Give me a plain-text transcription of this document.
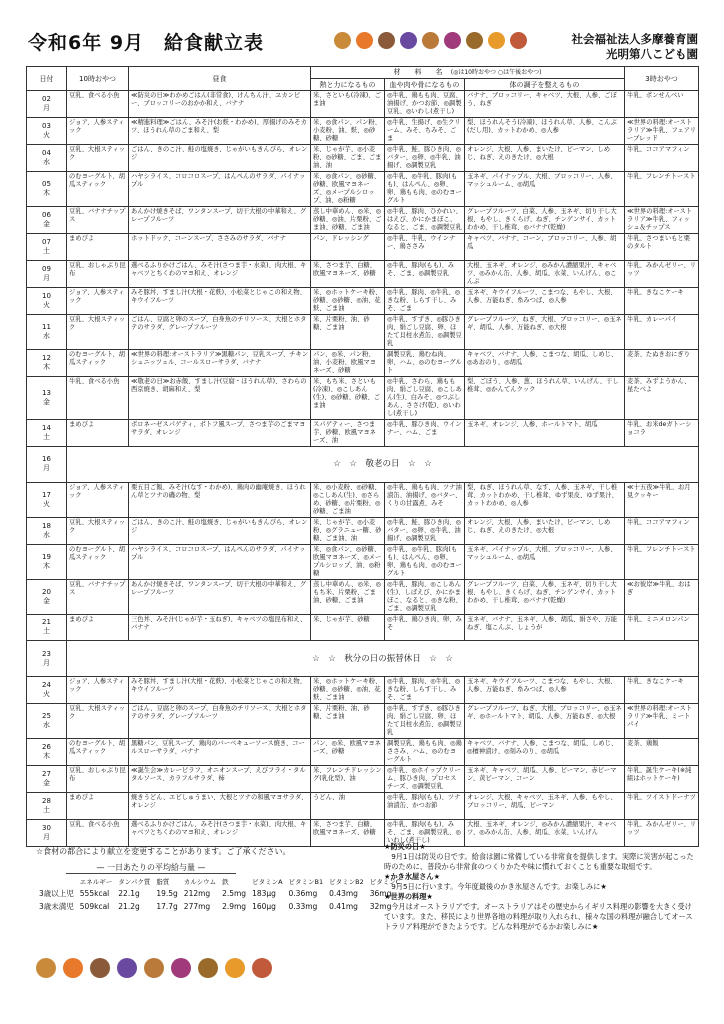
令和6年 9月　給食献立表	社会福祉法人多摩養育園
光明第八こども園
日付	10時おやつ	昼食	材　　料　　名 (◎は10時おやつ ○は午後おやつ)			3時おやつ
			熱と力になるもの	血や肉や骨になるもの	体の調子を整えるもの	

02
月	豆乳、食べる小魚	≪防災の日≫わかめごはん(非常食)、けんちん汁、ユカンピー、ブロッコリーのおかか和え、バナナ	米、さといも(冷凍)、ごま油	◎牛乳、鶏もも肉、豆腐、油揚げ、かつお節、◎調製豆乳、◎いわし(煮干し)	バナナ、ブロッコリー、キャベツ、大根、人参、ごぼう、ねぎ	牛乳、ポンせんべい

03
火	ジョア、人参スティック	≪精進料理≫ごはん、みそ汁(お麩・わかめ)、厚揚げのみそカツ、ほうれん草のごま和え、梨	米、◎食パン、パン粉、小麦粉、油、麩、◎砂糖、砂糖	◎牛乳、生揚げ、◎生クリーム、みそ、ちみそ、ごま	梨、ほうれんそう(冷凍)、ほうれん草、人参、こんぶ(だし用)、カットわかめ、◎人参	≪世界の料理:オーストラリア≫牛乳、フェアリーブレッド

04
水	豆乳、大根スティック	ごはん、きのこ汁、鮭の塩焼き、じゃがいもきんぴら、オレンジ	米、じゃが芋、◎小麦粉、◎砂糖、ごま、ごま油、油	◎牛乳、鮭、豚ひき肉、◎バター、◎卵、◎牛乳、油揚げ、◎調製豆乳	オレンジ、大根、人参、まいたけ、ピーマン、しめじ、ねぎ、えのきたけ、◎大根	牛乳、ココアマフィン

05
木	のむヨーグルト、胡瓜スティック	ハヤシライス、コロコロスープ、はんぺんのサラダ、パイナップル	米、◎食パン、◎砂糖、砂糖、欧風マヨネーズ、◎メープルシロップ、油、◎粉糖	◎牛乳、◎牛乳、豚肉(もも)、はんぺん、◎卵、卵、鶏もも肉、◎のむヨーグルト	玉ネギ、パイナップル、大根、ブロッコリー、人参、マッシュルーム、◎胡瓜	牛乳、フレンチトースト

06
金	豆乳、バナナチップス	あんかけ焼きそば、ワンタンスープ、切干大根の中華和え、グレープフルーツ	蒸し中華めん、◎米、◎砂糖、◎油、片栗粉、ごま油、砂糖、ごま油	◎牛乳、豚肉、ひかれい、はえび、かにかまぼこ、なると、ごま、◎調製豆乳	グレープフルーツ、白菜、人参、玉ネギ、切り干し大根、もやし、きくらげ、ねぎ、チンゲンサイ、カットわかめ、干し椎茸、◎バナナ(乾燥)	≪世界の料理:オーストラリア≫牛乳、フィッシュ＆チップス

07
土	まめぴよ	ホットドック、コーンスープ、ささみのサラダ、バナナ	パン、ドレッシング	◎牛乳、牛乳、ウインナー、鶏ささみ	キャベツ、バナナ、コーン、ブロッコリー、人参、胡瓜	牛乳、さつまいもと栗のタルト

09
月	豆乳、おしゃぶり昆布	選べるふりかけごはん、みそ汁(さつま芋・水菜)、肉大根、キャベツとちくわのマヨ和え、オレンジ	米、さつま芋、白糖、欧風マヨネーズ、砂糖	◎牛乳、豚肉(もも)、みそ、ごま、◎調製豆乳	大根、玉ネギ、オレンジ、◎みかん濃縮果汁、キャベツ、◎みかん缶、人参、胡瓜、水菜、いんげん、◎こんぶ	牛乳、みかんゼリー、リッツ

10
火	ジョア、人参スティック	みそ豚丼、すまし汁(大根・花麩)、小松菜とじゃこの和え物、キウイフルーツ	米、◎ホットケーキ粉、砂糖、◎砂糖、◎油、花麩、ごま油	◎牛乳、豚肉、◎牛乳、◎きな粉、しらす干し、みそ、ごま	玉ネギ、キウイフルーツ、こまつな、もやし、大根、人参、万能ねぎ、糸みつば、◎人参	牛乳、きなこケーキ

11
水	豆乳、大根スティック	ごはん、豆腐と卵のスープ、白身魚のチリソース、大根とホタテのサラダ、グレープフルーツ	米、片栗粉、油、砂糖、ごま油	◎牛乳、すずき、◎豚ひき肉、絹ごし豆腐、卵、ほたて貝柱水煮缶、◎調製豆乳	グレープフルーツ、ねぎ、大根、ブロッコリー、◎玉ネギ、胡瓜、人参、万能ねぎ、◎大根	牛乳、カレーパイ

12
木	のむヨーグルト、胡瓜スティック	≪世界の料理:オーストラリア≫黒糖パン、豆乳スープ、チキンシュニッツェル、コールスローサラダ、バナナ	パン、◎米、パン粉、油、小麦粉、欧風マヨネーズ、砂糖	調製豆乳、鶏むね肉、卵、ハム、◎のむヨーグルト	キャベツ、バナナ、人参、こまつな、胡瓜、しめじ、◎あおのり、◎胡瓜	麦茶、たぬきおにぎり

13
金	牛乳、食べる小魚	≪敬老の日≫お赤飯、すまし汁(豆腐・ほうれん草)、さわらの西京焼き、胡麻和え、梨	米、もち米、さといも(冷凍)、◎こしあん(生)、◎砂糖、砂糖、ごま油	◎牛乳、さわら、鶏もも肉、絹ごし豆腐、◎こしあん(生)、白みそ、◎つぶしあん、ささげ(乾)、◎いわし(煮干し)	梨、ごぼう、人参、葱、ほうれん草、いんげん、干し椎茸、◎かんてんクック	麦茶、みずようかん、星たべよ

14
土	まめぴよ	ボロネーゼスパゲティ、ポトフ風スープ、さつま芋のごまマヨサラダ、オレンジ	スパゲティー、さつま芋、砂糖、欧風マヨネーズ、油	◎牛乳、豚ひき肉、ウインナー、ハム、ごま	玉ネギ、オレンジ、人参、ホールトマト、胡瓜	牛乳、お米deガトーショコラ

16
月	☆　☆　敬老の日　☆　☆					

17
火	ジョア、人参スティック	栗五目ご飯、みそ汁(なす・わかめ)、鶏肉の幽庵焼き、ほうれん草とツナの磯の物、梨	米、◎小麦粉、◎砂糖、◎こしあん(生)、◎さらめ、砂糖、◎片栗粉、◎砂糖、ごま油	◎牛乳、鶏もも肉、ツナ油漬缶、油揚げ、◎バター、くりの甘露煮、みそ	梨、ねぎ、ほうれん草、なす、人参、玉ネギ、干し椎茸、カットわかめ、干し椎茸、ゆず果皮、ゆず果汁、カットわかめ、◎人参	≪十五夜≫牛乳、お月見クッキー

18
水	豆乳、大根スティック	ごはん、きのこ汁、鮭の塩焼き、じゃがいもきんぴら、オレンジ	米、じゃが芋、◎小麦粉、◎グラニュー糖、砂糖、ごま油、油	◎牛乳、鮭、豚ひき肉、◎バター、◎卵、◎牛乳、油揚げ、◎調製豆乳	オレンジ、大根、人参、まいたけ、ピーマン、しめじ、ねぎ、えのきたけ、◎大根	牛乳、ココアマフィン

19
木	のむヨーグルト、胡瓜スティック	ハヤシライス、コロコロスープ、はんぺんのサラダ、パイナップル	米、◎食パン、◎砂糖、欧風マヨネーズ、◎メープルシロップ、油、◎粉糖	◎牛乳、◎牛乳、豚肉(もも)、はんぺん、◎卵、卵、鶏もも肉、◎のむヨーグルト	玉ネギ、パイナップル、大根、ブロッコリー、人参、マッシュルーム、◎胡瓜	牛乳、フレンチトースト

20
金	豆乳、バナナチップス	あんかけ焼きそば、ワンタンスープ、切干大根の中華和え、グレープフルーツ	蒸し中華めん、◎米、◎もち米、片栗粉、ごま油、砂糖、ごま油	◎牛乳、豚肉、◎こしあん(生)、しばえび、かにかまぼこ、なると、◎きな粉、ごま、◎調製豆乳	グレープフルーツ、白菜、人参、玉ネギ、切り干し大根、もやし、きくらげ、ねぎ、チンゲンサイ、カットわかめ、干し椎茸、◎バナナ(乾燥)	≪お彼岸≫牛乳、おはぎ

21
土	まめぴよ	三色丼、みそ汁(じゃが芋・玉ねぎ)、キャベツの塩昆布和え、バナナ	米、じゃが芋、砂糖	◎牛乳、鶏ひき肉、卵、みそ	玉ネギ、バナナ、玉ネギ、人参、胡瓜、絹さや、万能ねぎ、塩こんぶ、しょうが	牛乳、ミニメロンパン

23
月	☆　☆　秋分の日の振替休日　☆　☆					

24
火	ジョア、人参スティック	みそ豚丼、すまし汁(大根・花麩)、小松菜とじゃこの和え物、キウイフルーツ	米、◎ホットケーキ粉、砂糖、◎砂糖、◎油、花麩、ごま油	◎牛乳、豚肉、◎牛乳、◎きな粉、しらす干し、みそ、ごま	玉ネギ、キウイフルーツ、こまつな、もやし、大根、人参、万能ねぎ、糸みつば、◎人参	牛乳、きなこケーキ

25
水	豆乳、大根スティック	ごはん、豆腐と卵のスープ、白身魚のチリソース、大根とホタテのサラダ、グレープフルーツ	米、片栗粉、油、砂糖、ごま油	◎牛乳、すずき、◎豚ひき肉、絹ごし豆腐、卵、ほたて貝柱水煮缶、◎調製豆乳	グレープフルーツ、ねぎ、大根、ブロッコリー、◎玉ネギ、◎ホールトマト、胡瓜、人参、万能ねぎ、◎大根	≪世界の料理:オーストラリア≫牛乳、ミートパイ

26
木	のむヨーグルト、胡瓜スティック	黒糖パン、豆乳スープ、鶏肉のバーベキューソース焼き、コールスローサラダ、バナナ	パン、◎米、欧風マヨネーズ、砂糖	調製豆乳、鶏もも肉、◎鶏ささみ、ハム、◎のむヨーグルト	キャベツ、バナナ、人参、こまつな、胡瓜、しめじ、◎檀神漬け、◎刻みのり、◎胡瓜	麦茶、鶏飯

27
金	豆乳、おしゃぶり昆布	≪誕生会≫カレーピラフ、オニオンスープ、えびフライ・タルタルソース、カラフルサラダ、柿	米、フレンチドレッシング(乳化型)、油	◎牛乳、◎ホイップクリーム、豚ひき肉、プロセスチーズ、◎調製豆乳	玉ネギ、キャベツ、胡瓜、人参、ピーマン、赤ピーマン、黄ピーマン、コーン	牛乳、誕生ケーキ(※純組はホットケーキ)

28
土	まめぴよ	焼きうどん、エビしゅうまい、大根とツナの和風マヨサラダ、オレンジ	うどん、油	◎牛乳、豚肉(もも)、ツナ油漬缶、かつお節	オレンジ、大根、キャベツ、玉ネギ、人参、もやし、ブロッコリー、胡瓜、ピーマン	牛乳、ツイストドーナツ

30
月	豆乳、食べる小魚	選べるふりかけごはん、みそ汁(さつま芋・水菜)、肉大根、キャベツとちくわのマヨ和え、オレンジ	米、さつま芋、白糖、欧風マヨネーズ、砂糖	◎牛乳、豚肉(もも)、みそ、ごま、◎調製豆乳、◎いわし(煮干し)	大根、玉ネギ、オレンジ、◎みかん濃縮果汁、キャベツ、◎みかん缶、人参、胡瓜、水菜、いんげん	牛乳、みかんゼリー、リッツ
☆食材の都合により献立を変更することがあります。ご了承ください。
— 一日あたりの平均給与量 —
	エネルギー	タンパク質	脂質	カルシウム	鉄	ビタミンA	ビタミンB1	ビタミンB2	ビタミンC
3歳以上児	555kcal	22.1g	19.5g	212mg	2.5mg	183μg	0.36mg	0.43mg	36mg
3歳未満児	509kcal	21.2g	17.7g	277mg	2.9mg	160μg	0.33mg	0.41mg	32mg
★防災の日★
9月1日は防災の日です。給食は園に常備している非常食を提供します。実際に災害が起こった時のために、普段から非常食のつくりかたや味に慣れておくことも重要な取組です。
★かき氷屋さん★
9月5日に行います。今年度最後のかき氷屋さんです。お楽しみに★
★世界の料理★
今月はオーストラリアです。オーストラリアはその歴史からイギリス料理の影響を大きく受けています。また、移民により世界各地の料理が取り入れられ、様々な国の料理が融合してオーストラリア料理ができたようです。どんな料理がでるかお楽しみに★
